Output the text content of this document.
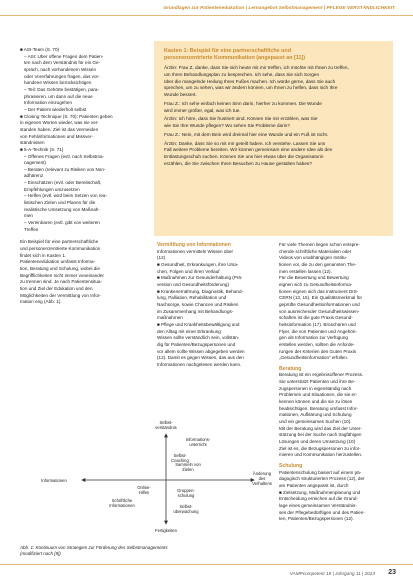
Grundlagen zur Patientenedukation | Lernangebot Selbstmanagement | PFLEGE VERSTÄNDLICHKEIT

■ ASI-Team (S. 70)

– ASI: Uber offene Fragen dem Patien-

ten nach dem Verständnis für ein Ge-

spräch, nach vorhandenem Wissen

oder Vorerfahrungen fragen, das vor-

handene Wissen berücksichtigen

– Teil: Das Gehörte bestätigen, para-

phrasieren, um dann auf die neue

Information einzugehen

– Der Patient wiederholt selbst

■ Closing Technique (S. 70): Patienten geben

in eigenen Worten wieder, was sie ver-

standen haben. Ziel ist das Vermeiden

von Fehlinformationen und Missver-

ständnissen

■ 5-A-Technik (S. 71)

– Offenes Fragen (evtl. nach Selbstma-

nagement)

– Beraten (relevant zu Risiken von Non-

adhärenz

– Einschätzen (evtl. oder Bereitschaft,

Empfehlungen umzusetzen

– Helfen (evtl. wird beim Setzen von rea-

listischen Zielen und Planen für die

realistische Umsetzung von Maßnah-

men

– Vereinbaren (evtl. gibt von weiteren

Treffen

Ein Beispiel für eine partnerschaftliche

und personenzentrierte Kommunikation

findet sich in Kasten 1.

Patientenedukation umfasst Informa-

tion, Beratung und Schulung, wobei die

Begrifflichkeiten nicht immer voneinander

zu trennen sind. Je nach Patientensitua-

tion und Ziel der Edukation und den

Möglichkeiten der Vermittlung von Infor-

mation eng (Abb. 1).

Kasten 1: Beispiel für eine partnerschaftliche und
personenzentrierte Kommunikation (angepasst an [11])

Ärztin: Frau Z, danke, dass Sie sich heute mit mir treffen, ich möchte mit Ihnen zu treffen,
um Ihren Behandlungsplan zu besprechen. Ich sehe, dass Sie sich Sorgen
über die mangelnde Heilung Ihres Fußes machen. Ich würde gerne, dass Sie auch
sprechen, um zu sehen, was wir ändern können, um Ihnen zu helfen, dass sich Ihre
Wunde bessert.

Frau Z.: Ich sehe einfach keinen Sinn darin, hierher zu kommen. Die Wunde
wird immer größer, egal, was ich tue.

Ärztin: Ich höre, dass Sie frustriert sind. Können Sie mir erzählen, was Sie
wie Sie Ihre Wunde pflegen? Wo sehen Sie Probleme darin?

Frau Z.: Nein, mit dem Bein wird dreimal hier eine Wunde und ein Fuß ist nicht.

Ärztin: Danke, dass Sie so mit mir geteilt haben. Ich verstehe. Lassen Sie uns
Fall weitere Probleme bereiten. Wir können gemeinsam eine andere Idee als den
Entlastungsschuh suchen. Können Sie uns hier etwas über die Organisatorin
erzählen, die Sie zwischen Ihren Besuchen zu Hause gestalten haben?

Vermittlung von Informationen

Informationen vermitteln Wissen über

(12)

■ Gesundheit, Erkrankungen, ihre Ursa-

chen, Folgen und ihren Verlauf

■ Maßnahmen zur Gesunderhaltung (Prä-

vention und Gesundheitsförderung)

■ Krankenernährung, Diagnostik, Behand-

lung, Palliation, Rehabilitation und

Nachsorge, sowie Chancen und Risiken

im Zusammenhang mit Behandlungs-

maßnahmen

■ Pflege und Krankheitsbewältigung und

den Alltag mit einer Erkrankung

Wissen sollte verständlich sein, vollstän-

dig für Patienten/Bezugspersonen und

vor allem sollte Wissen abgegeben werden

(12). Damit es gegen Wissen, das aus den

Informationen nachgelesen werden kann.

Für viele Themen liegen schon entspre-

chende schriftliche Materialien oder

Videos von unabhängigen Institu-

tionen vor, die zu den genannten The-

men erstellen lassen (12).

Für die Bewertung und Bewertung

eignen sich zu Gesundheitsinforma-

tionen eignen sich das Instrument DIS-

CERN (13, 15). Ein Qualitätsmerkmal für

geprüfte Gesundheitsinformationen und

von ausreichender Gesundheitswissen-

schaften ist die gute Praxis Gesund-

heitsinformation (17). Broschüren und

Flyer, die von Patienten und Angehöri-

gen als Information zur Verfügung

erstellen werden, sollten die Anforde-

rungen der Kriterien des Guten Praxis

„Gesundheitsinformation“ erfüllen.

Beratung

Beratung ist ein ergebnisoffener Prozess.

Sie unterstützt Patienten und ihre Be-

zugspersonen in eigenständig nach

Problemen und Situationen, die sie er-

kennen können und die sie zu lösen

beabsichtigen. Beratung umfasst Infor-

mationen, Aufklärung und Schulung

und ein gemeinsames Suchen (10).

Mit der Beratung wird das Ziel der Unter-

stützung bei der Suche nach tragfähigen

Lösungen und deren Umsetzung (10)

Ziel ist es, die Bezugspersonen zu infor-

mieren und Kommunikation herzustellen.

Schulung

Patientenschulung basiert auf einem pä-

dagogisch strukturierten Prozess (12), der

am Patienten angepasst ist, durch

■ Zielsetzung, Maßnahmenplanung und

Entscheidung erreichen auf die Grund-

lage eines gemeinsamen Verständnis-

ses der Pflegebedürftigen und des Patien-

ten, Patienten/Bezugspersonen (12).

Selbst-verständnis
Fertigkeiten
Informationen
Änderung des Verhaltens
Informations-unterricht
Selbst-Coaching
Sammeln von Zielen
Gruppen-schulung
Selbst-überwachung
Online-Hilfen
Schriftliche Informationen
Abb. 1: Kontinuum von Strategien zur Förderung des Selbstmanagements
(modifiziert nach [9])
VAMPcompetent 18 | Jahrgang 11 | 2023 23
